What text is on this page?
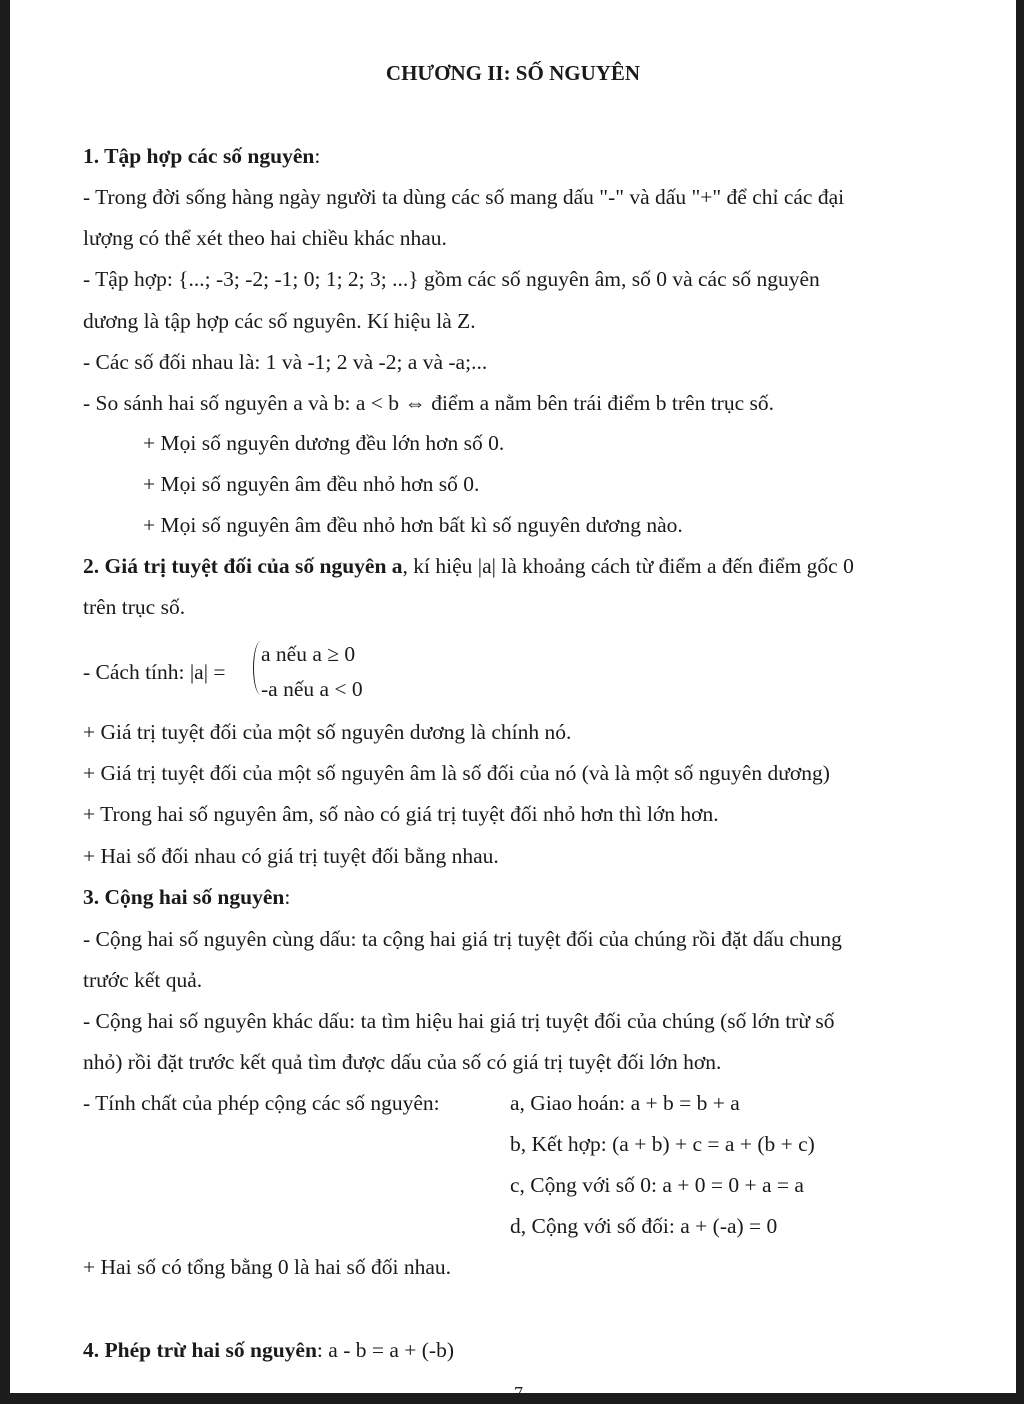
CHƯƠNG II: SỐ NGUYÊN
1. Tập hợp các số nguyên:
- Trong đời sống hàng ngày người ta dùng các số mang dấu "-" và dấu "+" để chỉ các đại
lượng có thể xét theo hai chiều khác nhau.
- Tập hợp: {...; -3; -2; -1; 0; 1; 2; 3; ...} gồm các số nguyên âm, số 0 và các số nguyên
dương là tập hợp các số nguyên. Kí hiệu là Z.
- Các số đối nhau là: 1 và -1; 2 và -2; a và -a;...
- So sánh hai số nguyên a và b: a < b ⇔ điểm a nằm bên trái điểm b trên trục số.
+ Mọi số nguyên dương đều lớn hơn số 0.
+ Mọi số nguyên âm đều nhỏ hơn số 0.
+ Mọi số nguyên âm đều nhỏ hơn bất kì số nguyên dương nào.
2. Giá trị tuyệt đối của số nguyên a, kí hiệu |a| là khoảng cách từ điểm a đến điểm gốc 0
trên trục số.
- Cách tính: |a| =
a nếu a ≥ 0
-a nếu a < 0
+ Giá trị tuyệt đối của một số nguyên dương là chính nó.
+ Giá trị tuyệt đối của một số nguyên âm là số đối của nó (và là một số nguyên dương)
+ Trong hai số nguyên âm, số nào có giá trị tuyệt đối nhỏ hơn thì lớn hơn.
+ Hai số đối nhau có giá trị tuyệt đối bằng nhau.
3. Cộng hai số nguyên:
- Cộng hai số nguyên cùng dấu: ta cộng hai giá trị tuyệt đối của chúng rồi đặt dấu chung
trước kết quả.
- Cộng hai số nguyên khác dấu: ta tìm hiệu hai giá trị tuyệt đối của chúng (số lớn trừ số
nhỏ) rồi đặt trước kết quả tìm được dấu của số có giá trị tuyệt đối lớn hơn.
- Tính chất của phép cộng các số nguyên:	a, Giao hoán: a + b = b + a
b, Kết hợp: (a + b) + c = a + (b + c)
c, Cộng với số 0: a + 0 = 0 + a = a
d, Cộng với số đối: a + (-a) = 0
+ Hai số có tổng bằng 0 là hai số đối nhau.
4. Phép trừ hai số nguyên: a - b = a + (-b)
7
